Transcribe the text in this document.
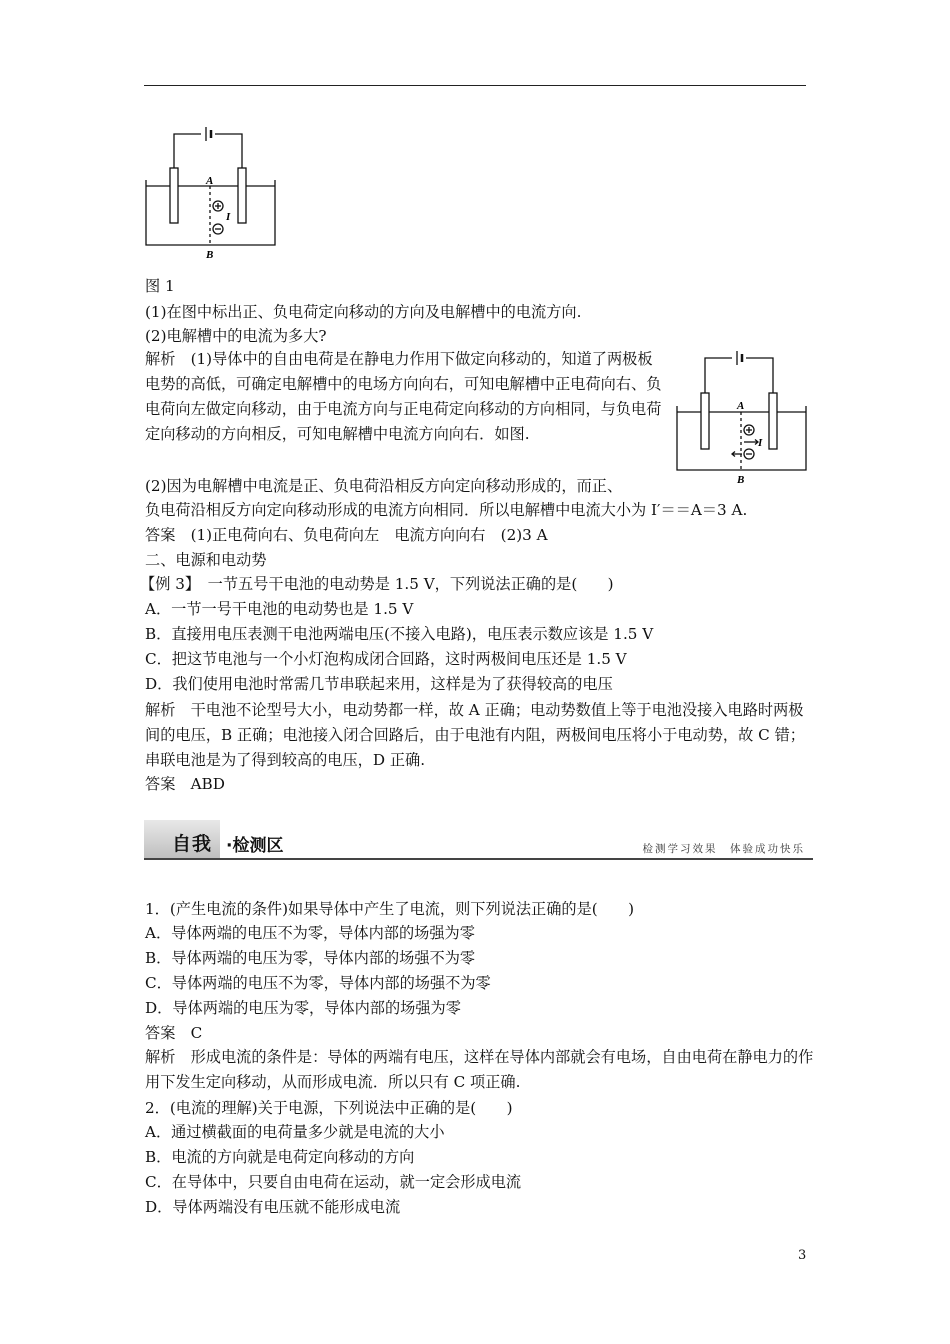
A
I
B
图 1
(1)在图中标出正、负电荷定向移动的方向及电解槽中的电流方向.
(2)电解槽中的电流为多大?
解析　(1)导体中的自由电荷是在静电力作用下做定向移动的，知道了两极板电势的高低，可确定电解槽中的电场方向向右，可知电解槽中正电荷向右、负电荷向左做定向移动，由于电流方向与正电荷定向移动的方向相同，与负电荷定向移动的方向相反，可知电解槽中电流方向向右．如图.
A
I
B
(2)因为电解槽中电流是正、负电荷沿相反方向定向移动形成的，而正、
负电荷沿相反方向定向移动形成的电流方向相同．所以电解槽中电流大小为 I′＝＝A＝3 A.
答案　(1)正电荷向右、负电荷向左　电流方向向右　(2)3 A
二、电源和电动势
【例 3】　一节五号干电池的电动势是 1.5 V，下列说法正确的是(　　)
A．一节一号干电池的电动势也是 1.5 V
B．直接用电压表测干电池两端电压(不接入电路)，电压表示数应该是 1.5 V
C．把这节电池与一个小灯泡构成闭合回路，这时两极间电压还是 1.5 V
D．我们使用电池时常需几节串联起来用，这样是为了获得较高的电压
解析　干电池不论型号大小，电动势都一样，故 A 正确；电动势数值上等于电池没接入电路时两极间的电压，B 正确；电池接入闭合回路后，由于电池有内阻，两极间电压将小于电动势，故 C 错；串联电池是为了得到较高的电压，D 正确.
答案　ABD
自我 ·检测区	检测学习效果　体验成功快乐
1．(产生电流的条件)如果导体中产生了电流，则下列说法正确的是(　　)
A．导体两端的电压不为零，导体内部的场强为零
B．导体两端的电压为零，导体内部的场强不为零
C．导体两端的电压不为零，导体内部的场强不为零
D．导体两端的电压为零，导体内部的场强为零
答案　C
解析　形成电流的条件是：导体的两端有电压，这样在导体内部就会有电场，自由电荷在静电力的作用下发生定向移动，从而形成电流．所以只有 C 项正确.
2．(电流的理解)关于电源，下列说法中正确的是(　　)
A．通过横截面的电荷量多少就是电流的大小
B．电流的方向就是电荷定向移动的方向
C．在导体中，只要自由电荷在运动，就一定会形成电流
D．导体两端没有电压就不能形成电流
3
